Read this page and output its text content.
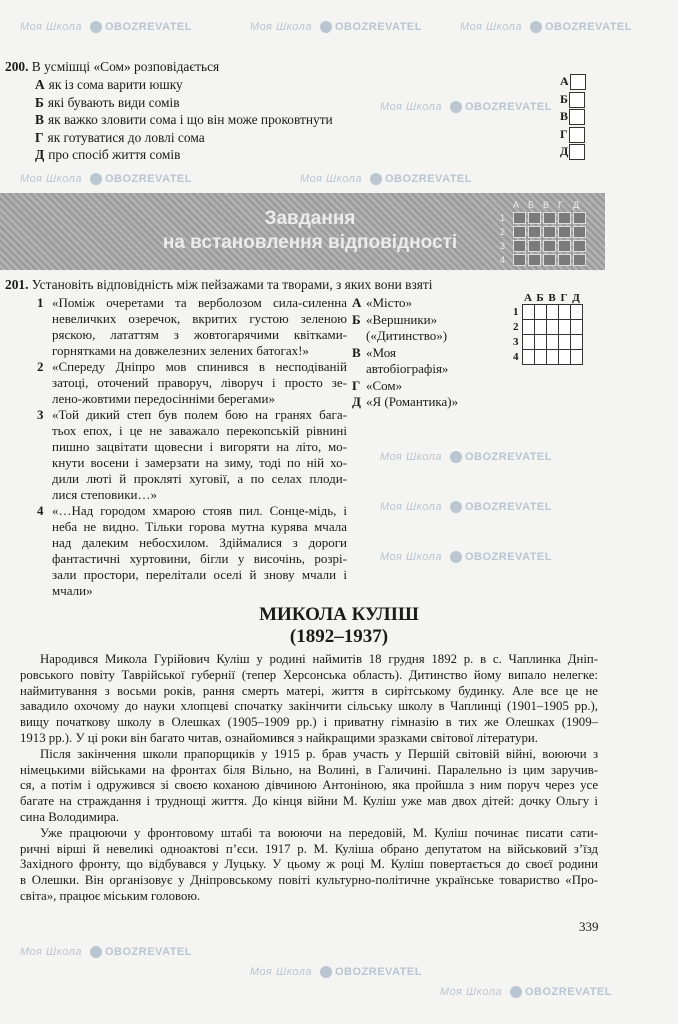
Моя Школа OBOZREVATEL	Моя Школа OBOZREVATEL	Моя Школа OBOZREVATEL
Моя Школа OBOZREVATEL
Моя Школа OBOZREVATEL	Моя Школа OBOZREVATEL
Моя Школа OBOZREVATEL
Моя Школа OBOZREVATEL
Моя Школа OBOZREVATEL
Моя Школа OBOZREVATEL
Моя Школа OBOZREVATEL
Моя Школа OBOZREVATEL
200. В усмішці «Сом» розповідається
А як із сома варити юшку
Б які бувають види сомів
В як важко зловити сома і що він може проковтнути
Г як готуватися до ловлі сома
Д про спосіб життя сомів
А
Б
В
Г
Д
Завдання
на встановлення відповідності
	А	Б	В	Г	Д
1					
2					
3					
4					
201. Установіть відповідність між пейзажами та творами, з яких вони взяті
1 «Поміж очеретами та верболозом сила-силенна
невеличких озеречок, вкритих густою зеленою
ряскою, лататтям з жовтогарячими квітками-
горнятками на довжелезних зелених батогах!»
2 «Спереду Дніпро мов спинився в несподіваній
затоці, оточений праворуч, ліворуч і просто зе-
лено-жовтими передосінніми берегами»
3 «Той дикий степ був полем бою на гранях бага-
тьох епох, і це не заважало перекопській рівнині
пишно зацвітати щовесни і вигоряти на літо, мо-
кнути восени і замерзати на зиму, тоді по ній хо-
дили люті й прокляті хуговії, а по селах плоди-
лися степовики…»
4 «…Над городом хмарою стояв пил. Сонце-мідь, і
неба не видно. Тільки горова мутна курява мчала
над далеким небосхилом. Здіймалися з дороги
фантастичні хуртовини, бігли у височінь, розрі-
зали простори, перелітали оселі й знову мчали і
мчали»
А «Місто»
Б «Вершники»
(«Дитинство»)
В «Моя
автобіографія»
Г «Сом»
Д «Я (Романтика)»
	А	Б	В	Г	Д
1					
2					
3					
4					
МИКОЛА КУЛІШ
(1892–1937)
Народився Микола Гурійович Куліш у родині наймитів 18 грудня 1892 р. в с. Чаплинка Дніп-
ровського повіту Таврійської губернії (тепер Херсонська область). Дитинство йому випало нелегке:
наймитування з восьми років, рання смерть матері, життя в сирітському будинку. Але все це не
завадило охочому до науки хлопцеві спочатку закінчити сільську школу в Чаплинці (1901–1905 рр.),
вищу початкову школу в Олешках (1905–1909 рр.) і приватну гімназію в тих же Олешках (1909–
1913 рр.). У ці роки він багато читав, ознайомився з найкращими зразками світової літератури.
Після закінчення школи прапорщиків у 1915 р. брав участь у Першій світовій війні, воюючи з
німецькими військами на фронтах біля Вільно, на Волині, в Галичині. Паралельно із цим заручив-
ся, а потім і одружився зі своєю коханою дівчиною Антоніною, яка пройшла з ним поруч через усе
багате на страждання і труднощі життя. До кінця війни М. Куліш уже мав двох дітей: дочку Ольгу і
сина Володимира.
Уже працюючи у фронтовому штабі та воюючи на передовій, М. Куліш починає писати сати-
ричні вірші й невеликі одноактові п’єси. 1917 р. М. Куліша обрано депутатом на військовий з’їзд
Західного фронту, що відбувався у Луцьку. У цьому ж році М. Куліш повертається до своєї родини
в Олешки. Він організовує у Дніпровському повіті культурно-політичне українське товариство «Про-
світа», працює міським головою.
339
